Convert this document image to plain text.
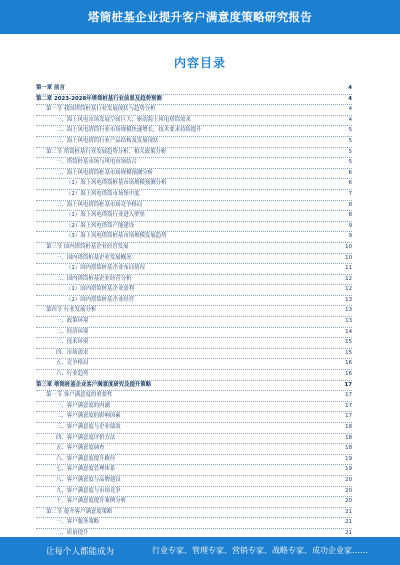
塔筒桩基企业提升客户满意度策略研究报告
内容目录
第一章 前言	4
第二章 2023-2028年塔筒桩基行业前景及趋势预测	4
第一节 我国塔筒桩基行业发展现状与趋势分析	4
一、海上风电市场发展空间巨大，驱动海上风电塔筒需求	4
二、海上风电塔筒行业市场规模快速增长，技术要求持续提升	5
三、海上风电塔筒行业产品结构及发展现状	5
第二节 塔筒桩基行业发展趋势分析，相关政策分析	5
一、塔筒桩基市场与风电市场结合	5
二、海上风电塔筒桩基市场规模预测分析	6
（1）海上风电塔筒桩基市场规模预测分析	6
（2）海上风电塔筒市场集中度	7
三、海上风电塔筒桩基市场竞争格局	8
（1）海上风电塔筒行业进入壁垒	8
（2）海上风电塔筒产能建设	9
（3）海上风电塔筒桩基市场规模发展趋势	9
第三节 国内塔筒桩基企业经营发展	10
一、国内塔筒桩基企业发展概况	10
（1）国内塔筒桩基企业布局情况	11
二、国内塔筒桩基企业经营分析	12
（1）国内塔筒桩基企业盈利	12
（2）国内塔筒桩基企业经营	13
第四节 行业发展分析	13
一、政策环境	13
二、经济环境	14
三、技术环境	15
四、市场需求	15
五、竞争格局	16
六、行业趋势	16
第三章 塔筒桩基企业客户满意度研究及提升策略	17
第一节 客户满意度的重要性	17
一、客户满意度的内涵	17
二、客户满意度的影响因素	17
三、客户满意度与企业绩效	18
四、客户满意度评价方法	18
五、客户满意度调查	18
六、客户满意度提升路径	19
七、客户满意度管理体系	19
八、客户满意度与品牌建设	20
九、客户满意度与市场竞争	20
十、客户满意度提升案例分析	20
第二节 提升客户满意度策略	21
一、客户服务策略	21
二、质量提升	21
让每个人都能成为	行业专家、管理专家、营销专家、战略专家、成功企业家……
